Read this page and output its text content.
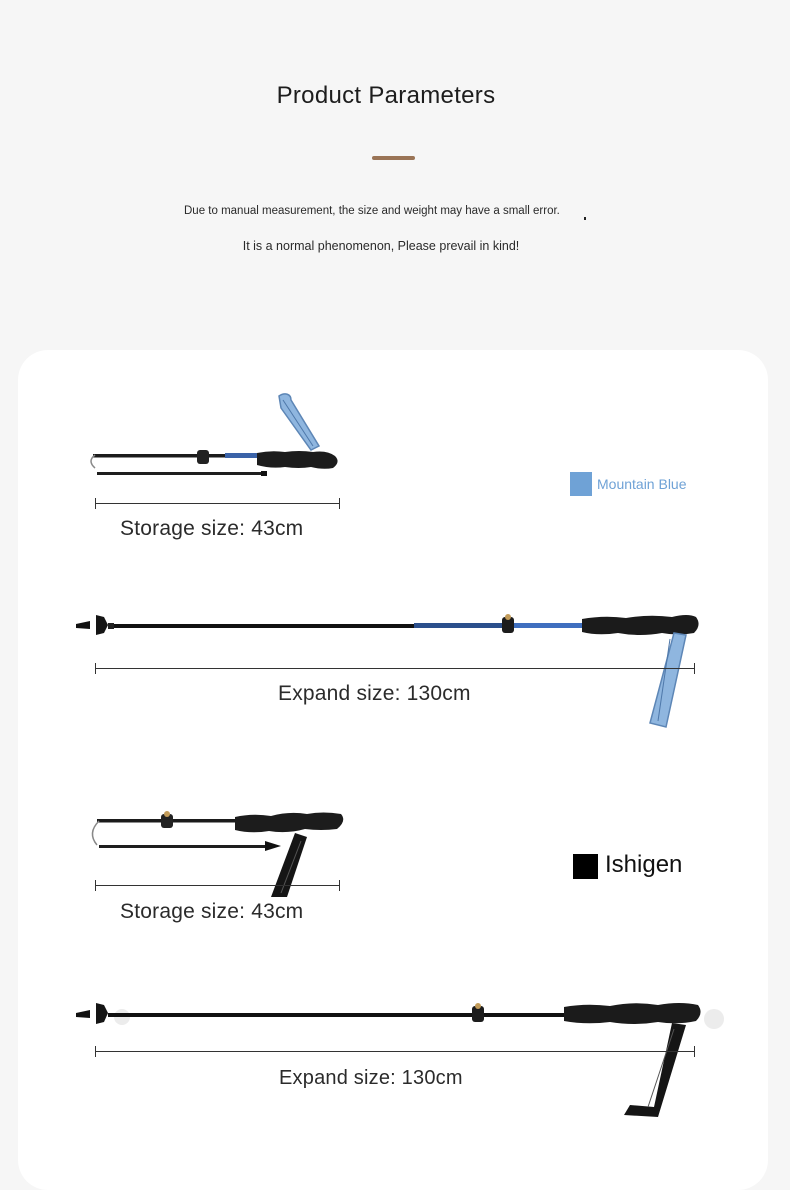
Product Parameters
Due to manual measurement, the size and weight may have a small error.
It is a normal phenomenon, Please prevail in kind!
Storage size: 43cm
Mountain Blue
Expand size: 130cm
Storage size: 43cm
Ishigen
Expand size: 130cm
